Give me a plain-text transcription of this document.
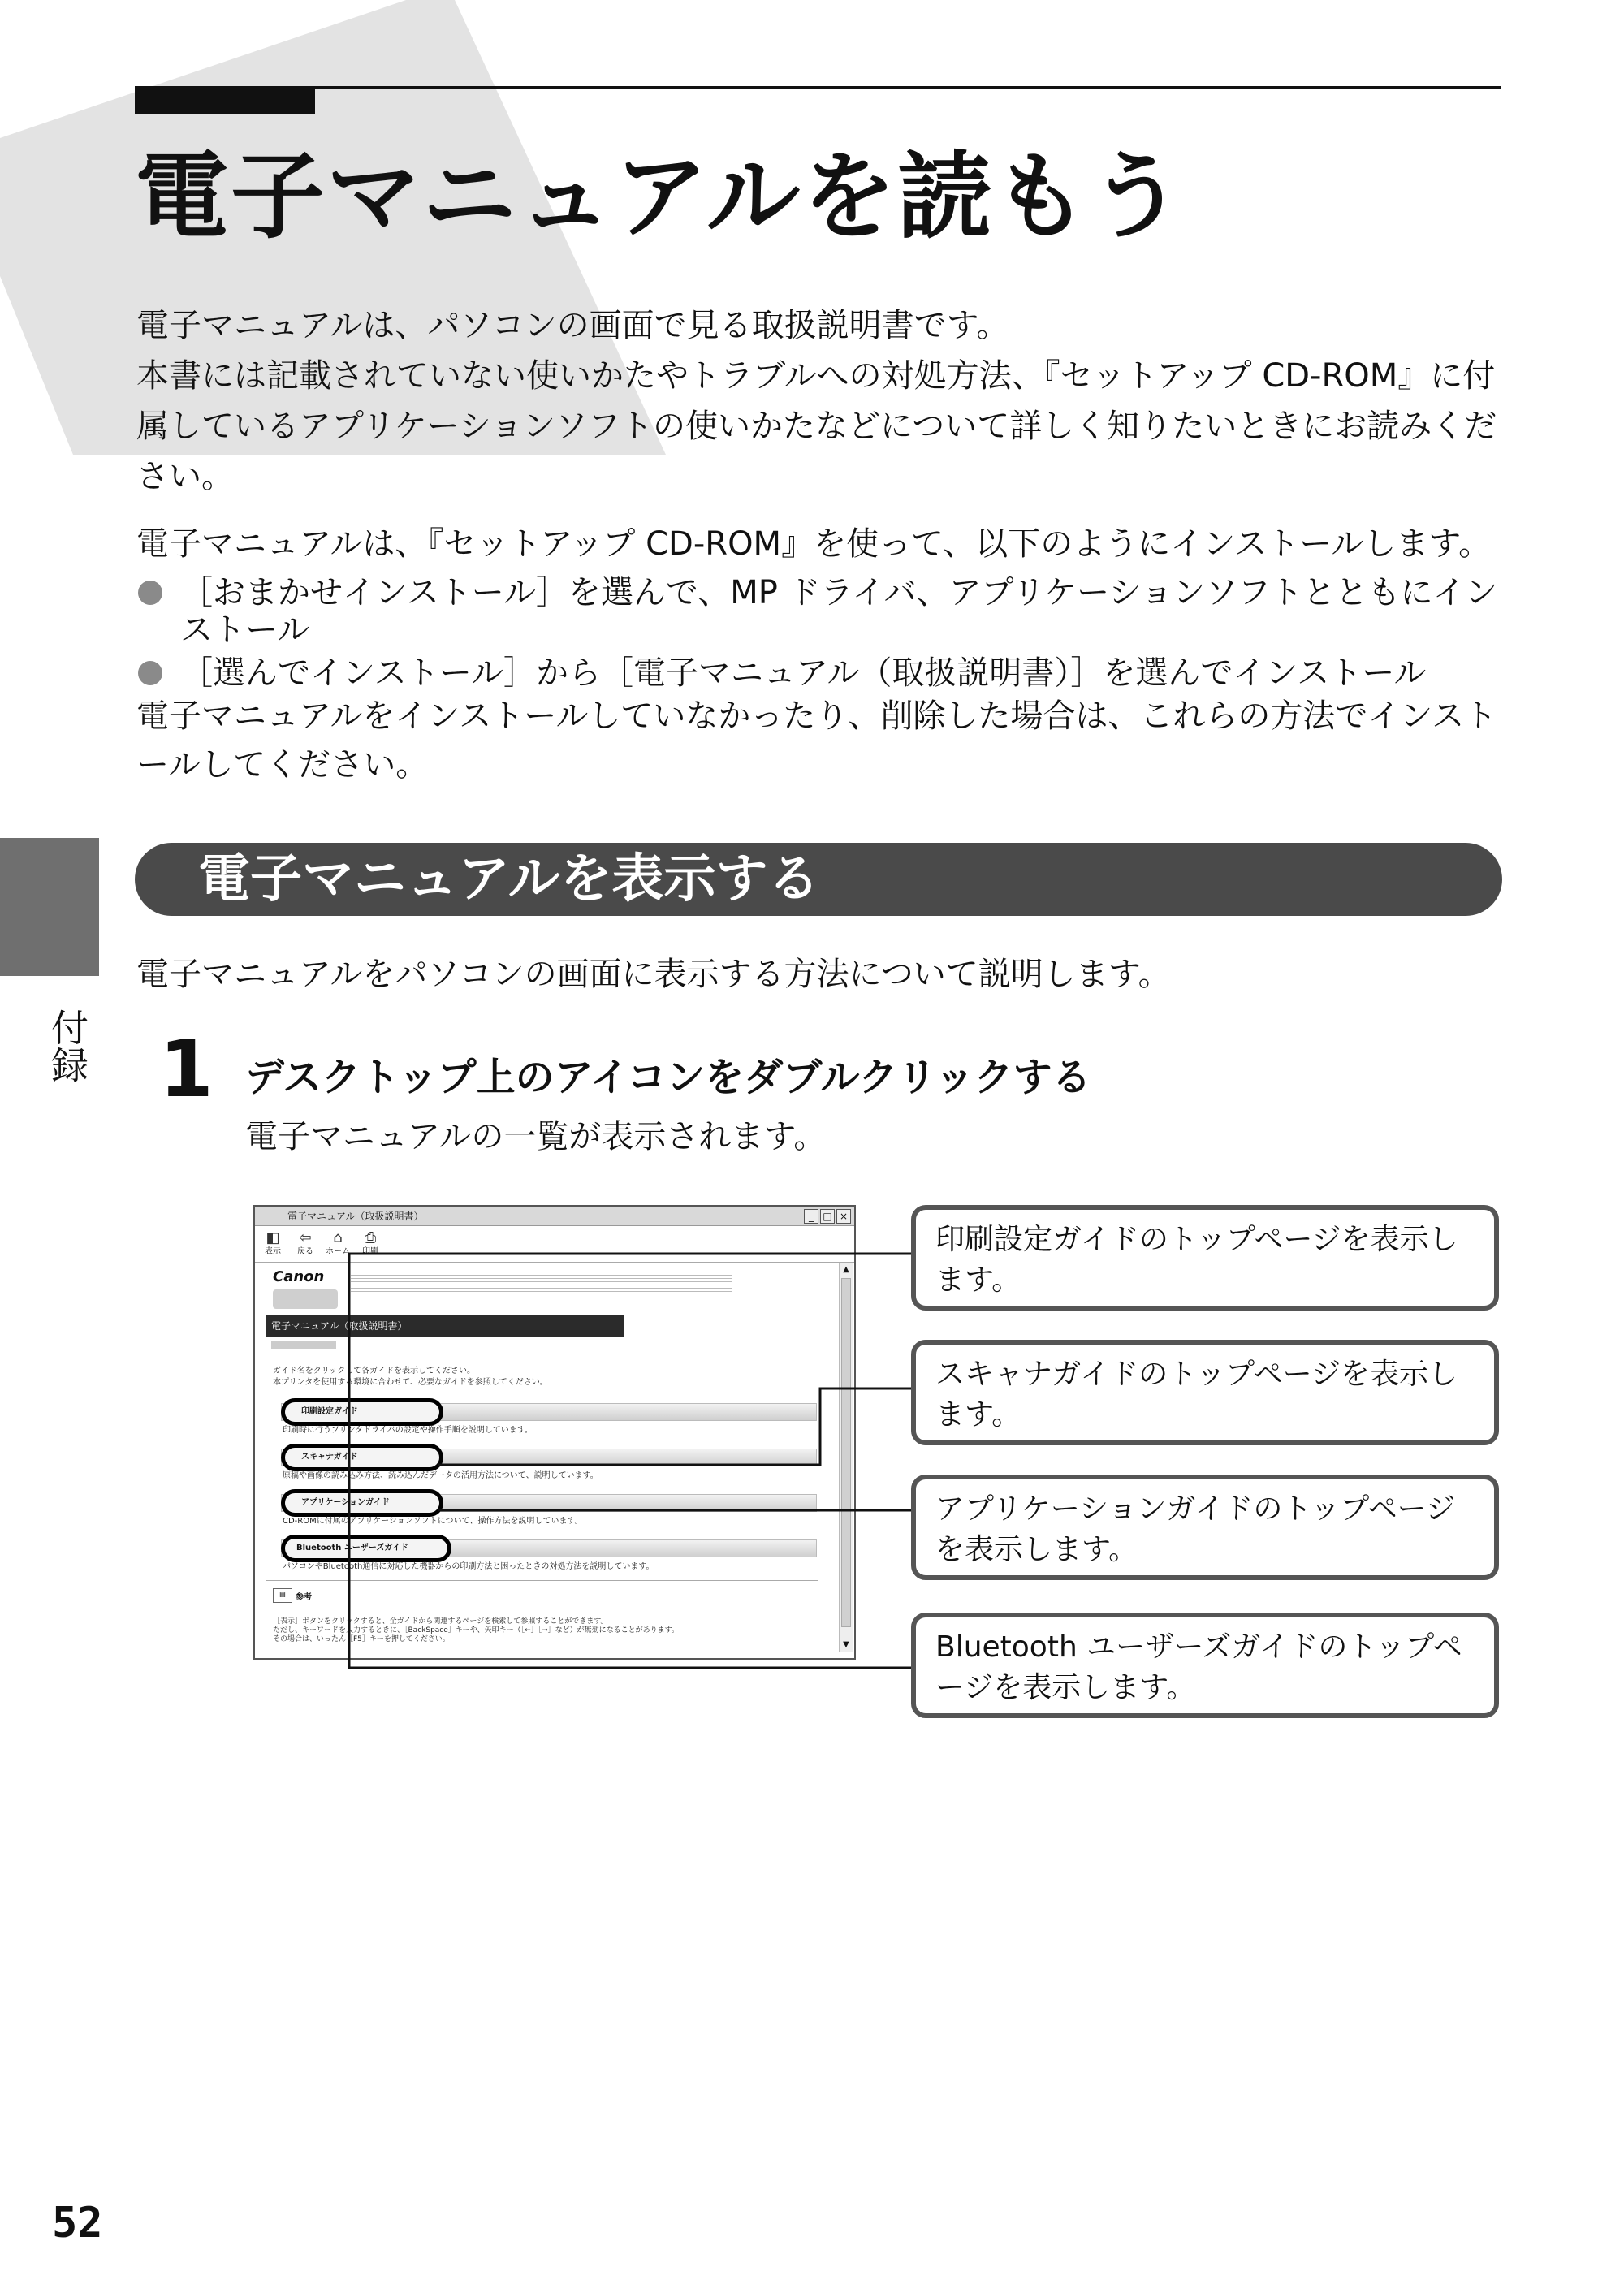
電子マニュアルを読もう

電子マニュアルは、パソコンの画面で見る取扱説明書です。

本書には記載されていない使いかたやトラブルへの対処方法、『セットアップ CD-ROM』に付属しているアプリケーションソフトの使いかたなどについて詳しく知りたいときにお読みください。

電子マニュアルは、『セットアップ CD-ROM』を使って、以下のようにインストールします。

［おまかせインストール］を選んで、MP ドライバ、アプリケーションソフトとともにインストール
［選んでインストール］から［電子マニュアル（取扱説明書）］を選んでインストール

電子マニュアルをインストールしていなかったり、削除した場合は、これらの方法でインストールしてください。

付録
電子マニュアルを表示する
電子マニュアルをパソコンの画面に表示する方法について説明します。
1 デスクトップ上のアイコンをダブルクリックする
電子マニュアルの一覧が表示されます。
電子マニュアル（取扱説明書）	_ □ ×
◧
表示
⇦
戻る
⌂
ホーム
⎙
印刷
Canon
電子マニュアル（取扱説明書）
ガイド名をクリックして各ガイドを表示してください。
本プリンタを使用する環境に合わせて、必要なガイドを参照してください。
印刷設定ガイド
印刷時に行うプリンタドライバの設定や操作手順を説明しています。
スキャナガイド
原稿や画像の読み込み方法、読み込んだデータの活用方法について、説明しています。
アプリケーションガイド
CD-ROMに付属のアプリケーションソフトについて、操作方法を説明しています。
Bluetooth ユーザーズガイド
パソコンやBluetooth通信に対応した機器からの印刷方法と困ったときの対処方法を説明しています。
▤	参考
［表示］ボタンをクリックすると、全ガイドから関連するページを検索して参照することができます。
ただし、キーワードを入力するときに、［BackSpace］キーや、矢印キー（［←］［→］など）が無効になることがあります。
その場合は、いったん［F5］キーを押してください。
▲
▼
印刷設定ガイドのトップページを表示します。
スキャナガイドのトップページを表示します。
アプリケーションガイドのトップページを表示します。
Bluetooth ユーザーズガイドのトップページを表示します。
52
